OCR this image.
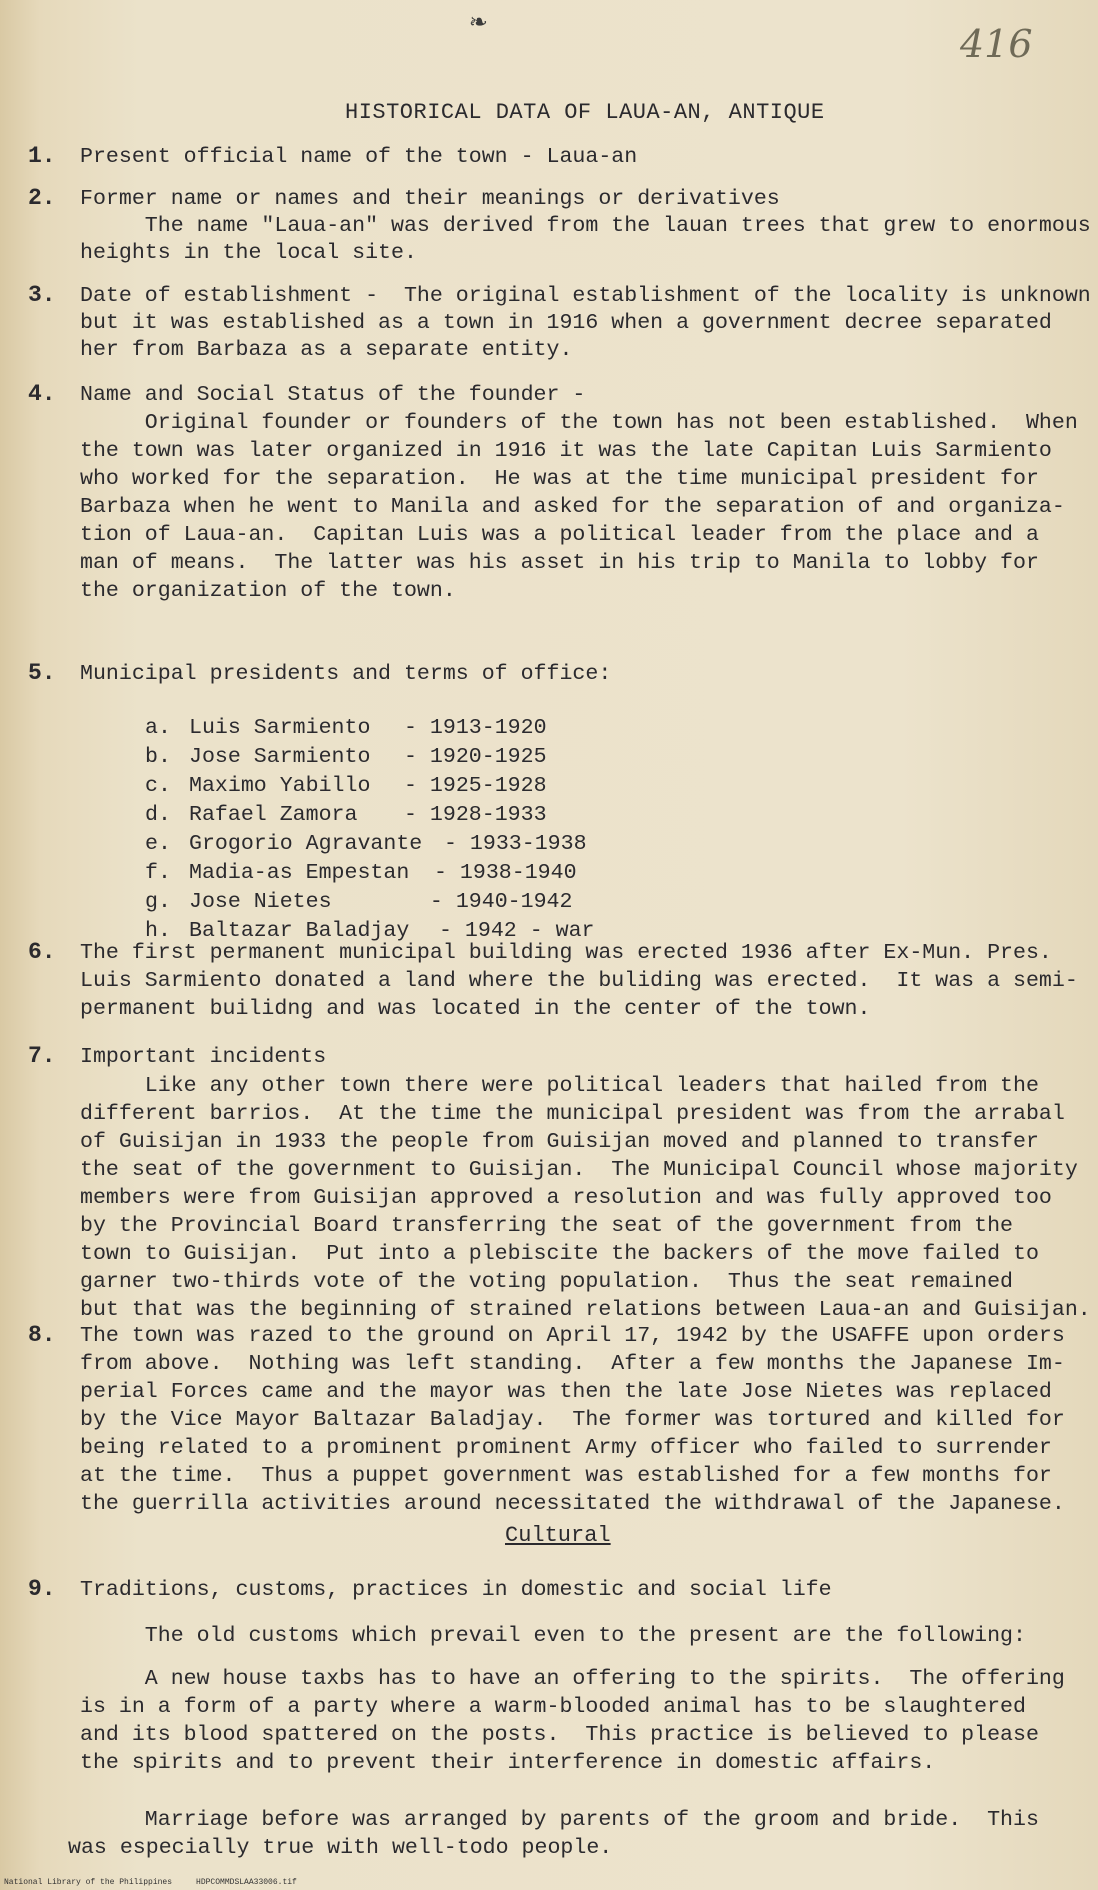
❧	416
HISTORICAL DATA OF LAUA-AN, ANTIQUE
1. Present official name of the town - Laua-an
2. Former name or names and their meanings or derivatives
The name "Laua-an" was derived from the lauan trees that grew to enormous
heights in the local site.
3. Date of establishment -  The original establishment of the locality is unknown
but it was established as a town in 1916 when a government decree separated
her from Barbaza as a separate entity.
4. Name and Social Status of the founder -
Original founder or founders of the town has not been established.  When
the town was later organized in 1916 it was the late Capitan Luis Sarmiento
who worked for the separation.  He was at the time municipal president for
Barbaza when he went to Manila and asked for the separation of and organiza-
tion of Laua-an.  Capitan Luis was a political leader from the place and a
man of means.  The latter was his asset in his trip to Manila to lobby for
the organization of the town.
5. Municipal presidents and terms of office:
a. Luis Sarmiento	- 1913-1920
b. Jose Sarmiento	- 1920-1925
c. Maximo Yabillo	- 1925-1928
d. Rafael Zamora	- 1928-1933
e. Grogorio Agravante	- 1933-1938
f. Madia-as Empestan	- 1938-1940
g. Jose Nietes	- 1940-1942
h. Baltazar Baladjay	- 1942 - war
6. The first permanent municipal building was erected 1936 after Ex-Mun. Pres.
Luis Sarmiento donated a land where the buliding was erected.  It was a semi-
permanent builidng and was located in the center of the town.
7. Important incidents
Like any other town there were political leaders that hailed from the
different barrios.  At the time the municipal president was from the arrabal
of Guisijan in 1933 the people from Guisijan moved and planned to transfer
the seat of the government to Guisijan.  The Municipal Council whose majority
members were from Guisijan approved a resolution and was fully approved too
by the Provincial Board transferring the seat of the government from the
town to Guisijan.  Put into a plebiscite the backers of the move failed to
garner two-thirds vote of the voting population.  Thus the seat remained
but that was the beginning of strained relations between Laua-an and Guisijan.
8. The town was razed to the ground on April 17, 1942 by the USAFFE upon orders
from above.  Nothing was left standing.  After a few months the Japanese Im-
perial Forces came and the mayor was then the late Jose Nietes was replaced
by the Vice Mayor Baltazar Baladjay.  The former was tortured and killed for
being related to a prominent prominent Army officer who failed to surrender
at the time.  Thus a puppet government was established for a few months for
the guerrilla activities around necessitated the withdrawal of the Japanese.
Cultural
9. Traditions, customs, practices in domestic and social life
The old customs which prevail even to the present are the following:
A new house taxbs has to have an offering to the spirits.  The offering
is in a form of a party where a warm-blooded animal has to be slaughtered
and its blood spattered on the posts.  This practice is believed to please
the spirits and to prevent their interference in domestic affairs.
Marriage before was arranged by parents of the groom and bride.  This
was especially true with well-todo people.
National Library of the Philippines     HDPCOMMDSLAA33006.tif
